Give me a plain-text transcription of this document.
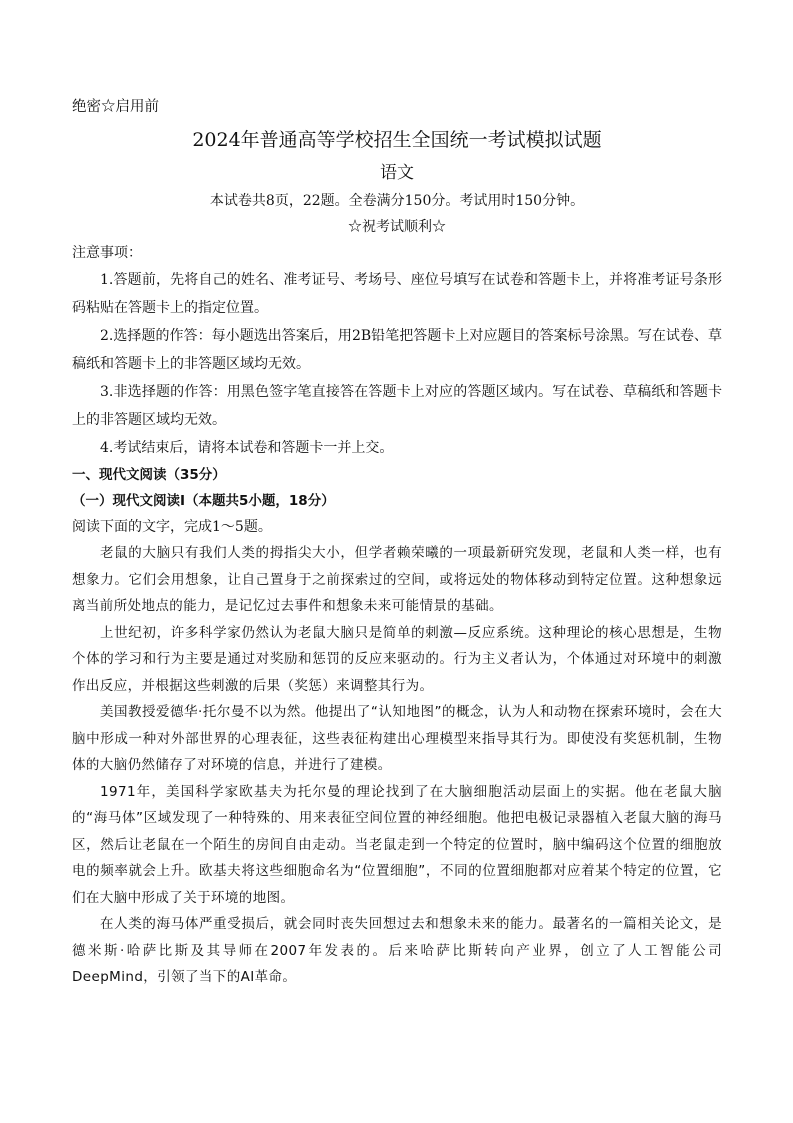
绝密☆启用前

2024年普通高等学校招生全国统一考试模拟试题
语文

本试卷共8页，22题。全卷满分150分。考试用时150分钟。

☆祝考试顺利☆

注意事项：

1.答题前，先将自己的姓名、准考证号、考场号、座位号填写在试卷和答题卡上，并将准考证号条形码粘贴在答题卡上的指定位置。

2.选择题的作答：每小题选出答案后，用2B铅笔把答题卡上对应题目的答案标号涂黑。写在试卷、草稿纸和答题卡上的非答题区域均无效。

3.非选择题的作答：用黑色签字笔直接答在答题卡上对应的答题区域内。写在试卷、草稿纸和答题卡上的非答题区域均无效。

4.考试结束后，请将本试卷和答题卡一并上交。

一、现代文阅读（35分）

（一）现代文阅读Ⅰ（本题共5小题，18分）

阅读下面的文字，完成1～5题。

老鼠的大脑只有我们人类的拇指尖大小，但学者赖荣曦的一项最新研究发现，老鼠和人类一样，也有想象力。它们会用想象，让自己置身于之前探索过的空间，或将远处的物体移动到特定位置。这种想象远离当前所处地点的能力，是记忆过去事件和想象未来可能情景的基础。

上世纪初，许多科学家仍然认为老鼠大脑只是简单的刺激—反应系统。这种理论的核心思想是，生物个体的学习和行为主要是通过对奖励和惩罚的反应来驱动的。行为主义者认为，个体通过对环境中的刺激作出反应，并根据这些刺激的后果（奖惩）来调整其行为。

美国教授爱德华·托尔曼不以为然。他提出了“认知地图”的概念，认为人和动物在探索环境时，会在大脑中形成一种对外部世界的心理表征，这些表征构建出心理模型来指导其行为。即使没有奖惩机制，生物体的大脑仍然储存了对环境的信息，并进行了建模。

1971年，美国科学家欧基夫为托尔曼的理论找到了在大脑细胞活动层面上的实据。他在老鼠大脑的“海马体”区域发现了一种特殊的、用来表征空间位置的神经细胞。他把电极记录器植入老鼠大脑的海马区，然后让老鼠在一个陌生的房间自由走动。当老鼠走到一个特定的位置时，脑中编码这个位置的细胞放电的频率就会上升。欧基夫将这些细胞命名为“位置细胞”，不同的位置细胞都对应着某个特定的位置，它们在大脑中形成了关于环境的地图。

在人类的海马体严重受损后，就会同时丧失回想过去和想象未来的能力。最著名的一篇相关论文，是德米斯·哈萨比斯及其导师在2007年发表的。后来哈萨比斯转向产业界，创立了人工智能公司 DeepMind，引领了当下的AI革命。
